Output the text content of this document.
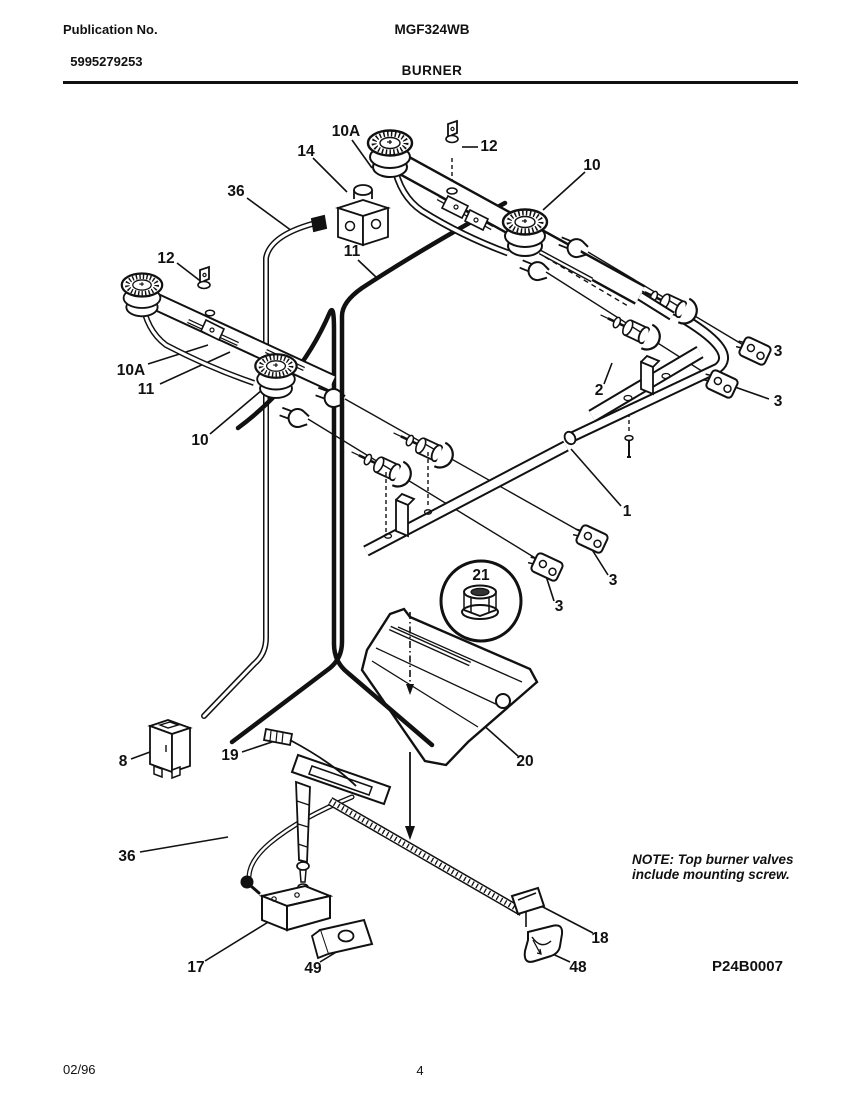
Publication No.

5995279253
MGF324WB
BURNER
10A
14	12
10
36
11
12
10A
11
10
2
3
3
1
3
3
21
8	19	20
36
17	49
18
48
NOTE: Top burner valves
include mounting screw.
P24B0007
02/96	4
